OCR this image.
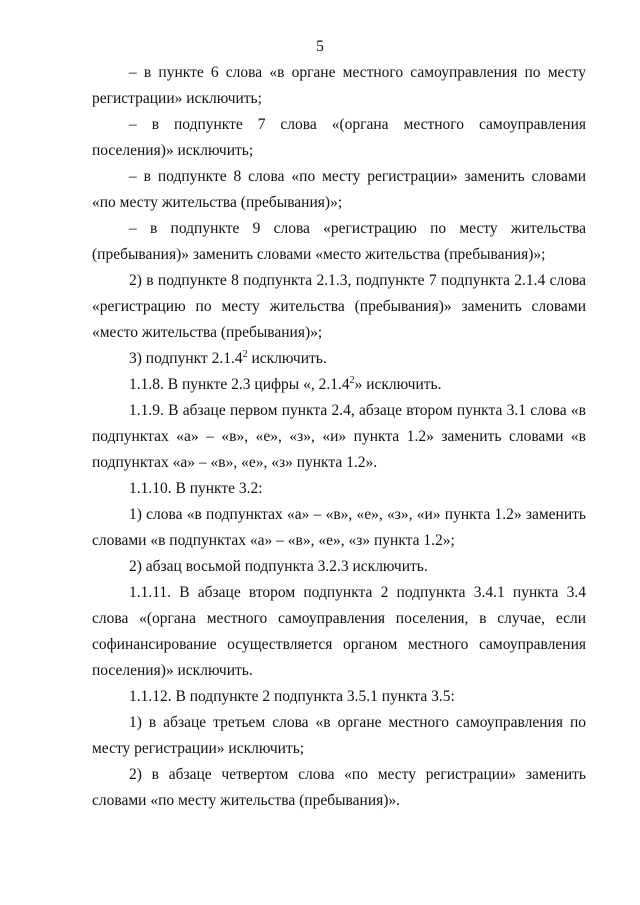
5

– в пункте 6 слова «в органе местного самоуправления по месту регистрации» исключить;

– в подпункте 7 слова «(органа местного самоуправления поселения)» исключить;

– в подпункте 8 слова «по месту регистрации» заменить словами «по месту жительства (пребывания)»;

– в подпункте 9 слова «регистрацию по месту жительства (пребывания)» заменить словами «место жительства (пребывания)»;

2) в подпункте 8 подпункта 2.1.3, подпункте 7 подпункта 2.1.4 слова «регистрацию по месту жительства (пребывания)» заменить словами «место жительства (пребывания)»;

3) подпункт 2.1.4$^2$ исключить.

1.1.8. В пункте 2.3 цифры «, 2.1.4$^2$» исключить.

1.1.9. В абзаце первом пункта 2.4, абзаце втором пункта 3.1 слова «в подпунктах «а» – «в», «е», «з», «и» пункта 1.2» заменить словами «в подпунктах «а» – «в», «е», «з» пункта 1.2».

1.1.10. В пункте 3.2:

1) слова «в подпунктах «а» – «в», «е», «з», «и» пункта 1.2» заменить словами «в подпунктах «а» – «в», «е», «з» пункта 1.2»;

2) абзац восьмой подпункта 3.2.3 исключить.

1.1.11. В абзаце втором подпункта 2 подпункта 3.4.1 пункта 3.4 слова «(органа местного самоуправления поселения, в случае, если софинансирование осуществляется органом местного самоуправления поселения)» исключить.

1.1.12. В подпункте 2 подпункта 3.5.1 пункта 3.5:

1) в абзаце третьем слова «в органе местного самоуправления по месту регистрации» исключить;

2) в абзаце четвертом слова «по месту регистрации» заменить словами «по месту жительства (пребывания)».
